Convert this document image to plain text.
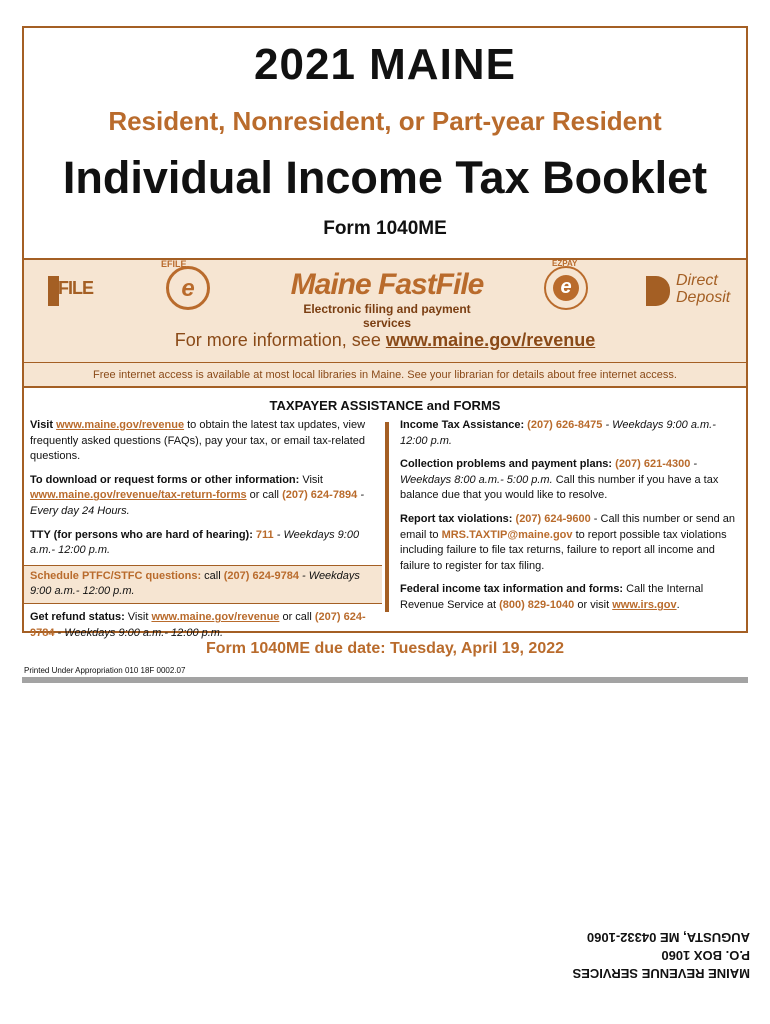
2021 MAINE
Resident, Nonresident, or Part-year Resident
Individual Income Tax Booklet
Form 1040ME
FILE
EFILE
e	Maine FastFile
Electronic filing and payment services
EZPAY
e	Direct
Deposit
For more information, see www.maine.gov/revenue
Free internet access is available at most local libraries in Maine. See your librarian for details about free internet access.
TAXPAYER ASSISTANCE and FORMS
Visit www.maine.gov/revenue to obtain the latest tax updates, view frequently asked questions (FAQs), pay your tax, or email tax-related questions.
To download or request forms or other information: Visit www.maine.gov/revenue/tax-return-forms or call (207) 624-7894 - Every day 24 Hours.
TTY (for persons who are hard of hearing): 711 - Weekdays 9:00 a.m.- 12:00 p.m.
Schedule PTFC/STFC questions: call (207) 624-9784 - Weekdays 9:00 a.m.- 12:00 p.m.
Get refund status: Visit www.maine.gov/revenue or call (207) 624-9784 - Weekdays 9:00 a.m.- 12:00 p.m.
Income Tax Assistance: (207) 626-8475 - Weekdays 9:00 a.m.- 12:00 p.m.
Collection problems and payment plans: (207) 621-4300 - Weekdays 8:00 a.m.- 5:00 p.m. Call this number if you have a tax balance due that you would like to resolve.
Report tax violations: (207) 624-9600 - Call this number or send an email to MRS.TAXTIP@maine.gov to report possible tax violations including failure to file tax returns, failure to report all income and failure to register for tax filing.
Federal income tax information and forms: Call the Internal Revenue Service at (800) 829-1040 or visit www.irs.gov.
Form 1040ME due date: Tuesday, April 19, 2022
Printed Under Appropriation 010 18F 0002.07
MAINE REVENUE SERVICES
P.O. BOX 1060
AUGUSTA, ME 04332-1060
